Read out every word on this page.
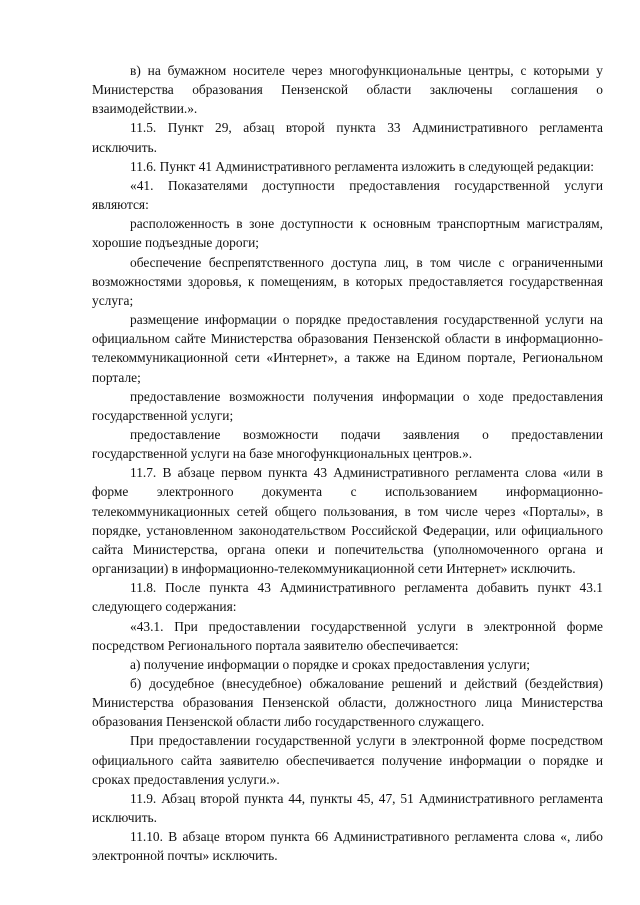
в) на бумажном носителе через многофункциональные центры, с которыми у Министерства образования Пензенской области заключены соглашения о взаимодействии.».

11.5. Пункт 29, абзац второй пункта 33 Административного регламента исключить.

11.6. Пункт 41 Административного регламента изложить в следующей редакции:

«41. Показателями доступности предоставления государственной услуги являются:

расположенность в зоне доступности к основным транспортным магистралям, хорошие подъездные дороги;

обеспечение беспрепятственного доступа лиц, в том числе с ограниченными возможностями здоровья, к помещениям, в которых предоставляется государственная услуга;

размещение информации о порядке предоставления государственной услуги на официальном сайте Министерства образования Пензенской области в информационно-телекоммуникационной сети «Интернет», а также на Едином портале, Региональном портале;

предоставление возможности получения информации о ходе предоставления государственной услуги;

предоставление возможности подачи заявления о предоставлении государственной услуги на базе многофункциональных центров.».

11.7. В абзаце первом пункта 43 Административного регламента слова «или в форме электронного документа с использованием информационно-телекоммуникационных сетей общего пользования, в том числе через «Порталы», в порядке, установленном законодательством Российской Федерации, или официального сайта Министерства, органа опеки и попечительства (уполномоченного органа и организации) в информационно-телекоммуникационной сети Интернет» исключить.

11.8. После пункта 43 Административного регламента добавить пункт 43.1 следующего содержания:

«43.1. При предоставлении государственной услуги в электронной форме посредством Регионального портала заявителю обеспечивается:

а) получение информации о порядке и сроках предоставления услуги;

б) досудебное (внесудебное) обжалование решений и действий (бездействия) Министерства образования Пензенской области, должностного лица Министерства образования Пензенской области либо государственного служащего.

При предоставлении государственной услуги в электронной форме посредством официального сайта заявителю обеспечивается получение информации о порядке и сроках предоставления услуги.».

11.9. Абзац второй пункта 44, пункты 45, 47, 51 Административного регламента исключить.

11.10. В абзаце втором пункта 66 Административного регламента слова «, либо электронной почты» исключить.
